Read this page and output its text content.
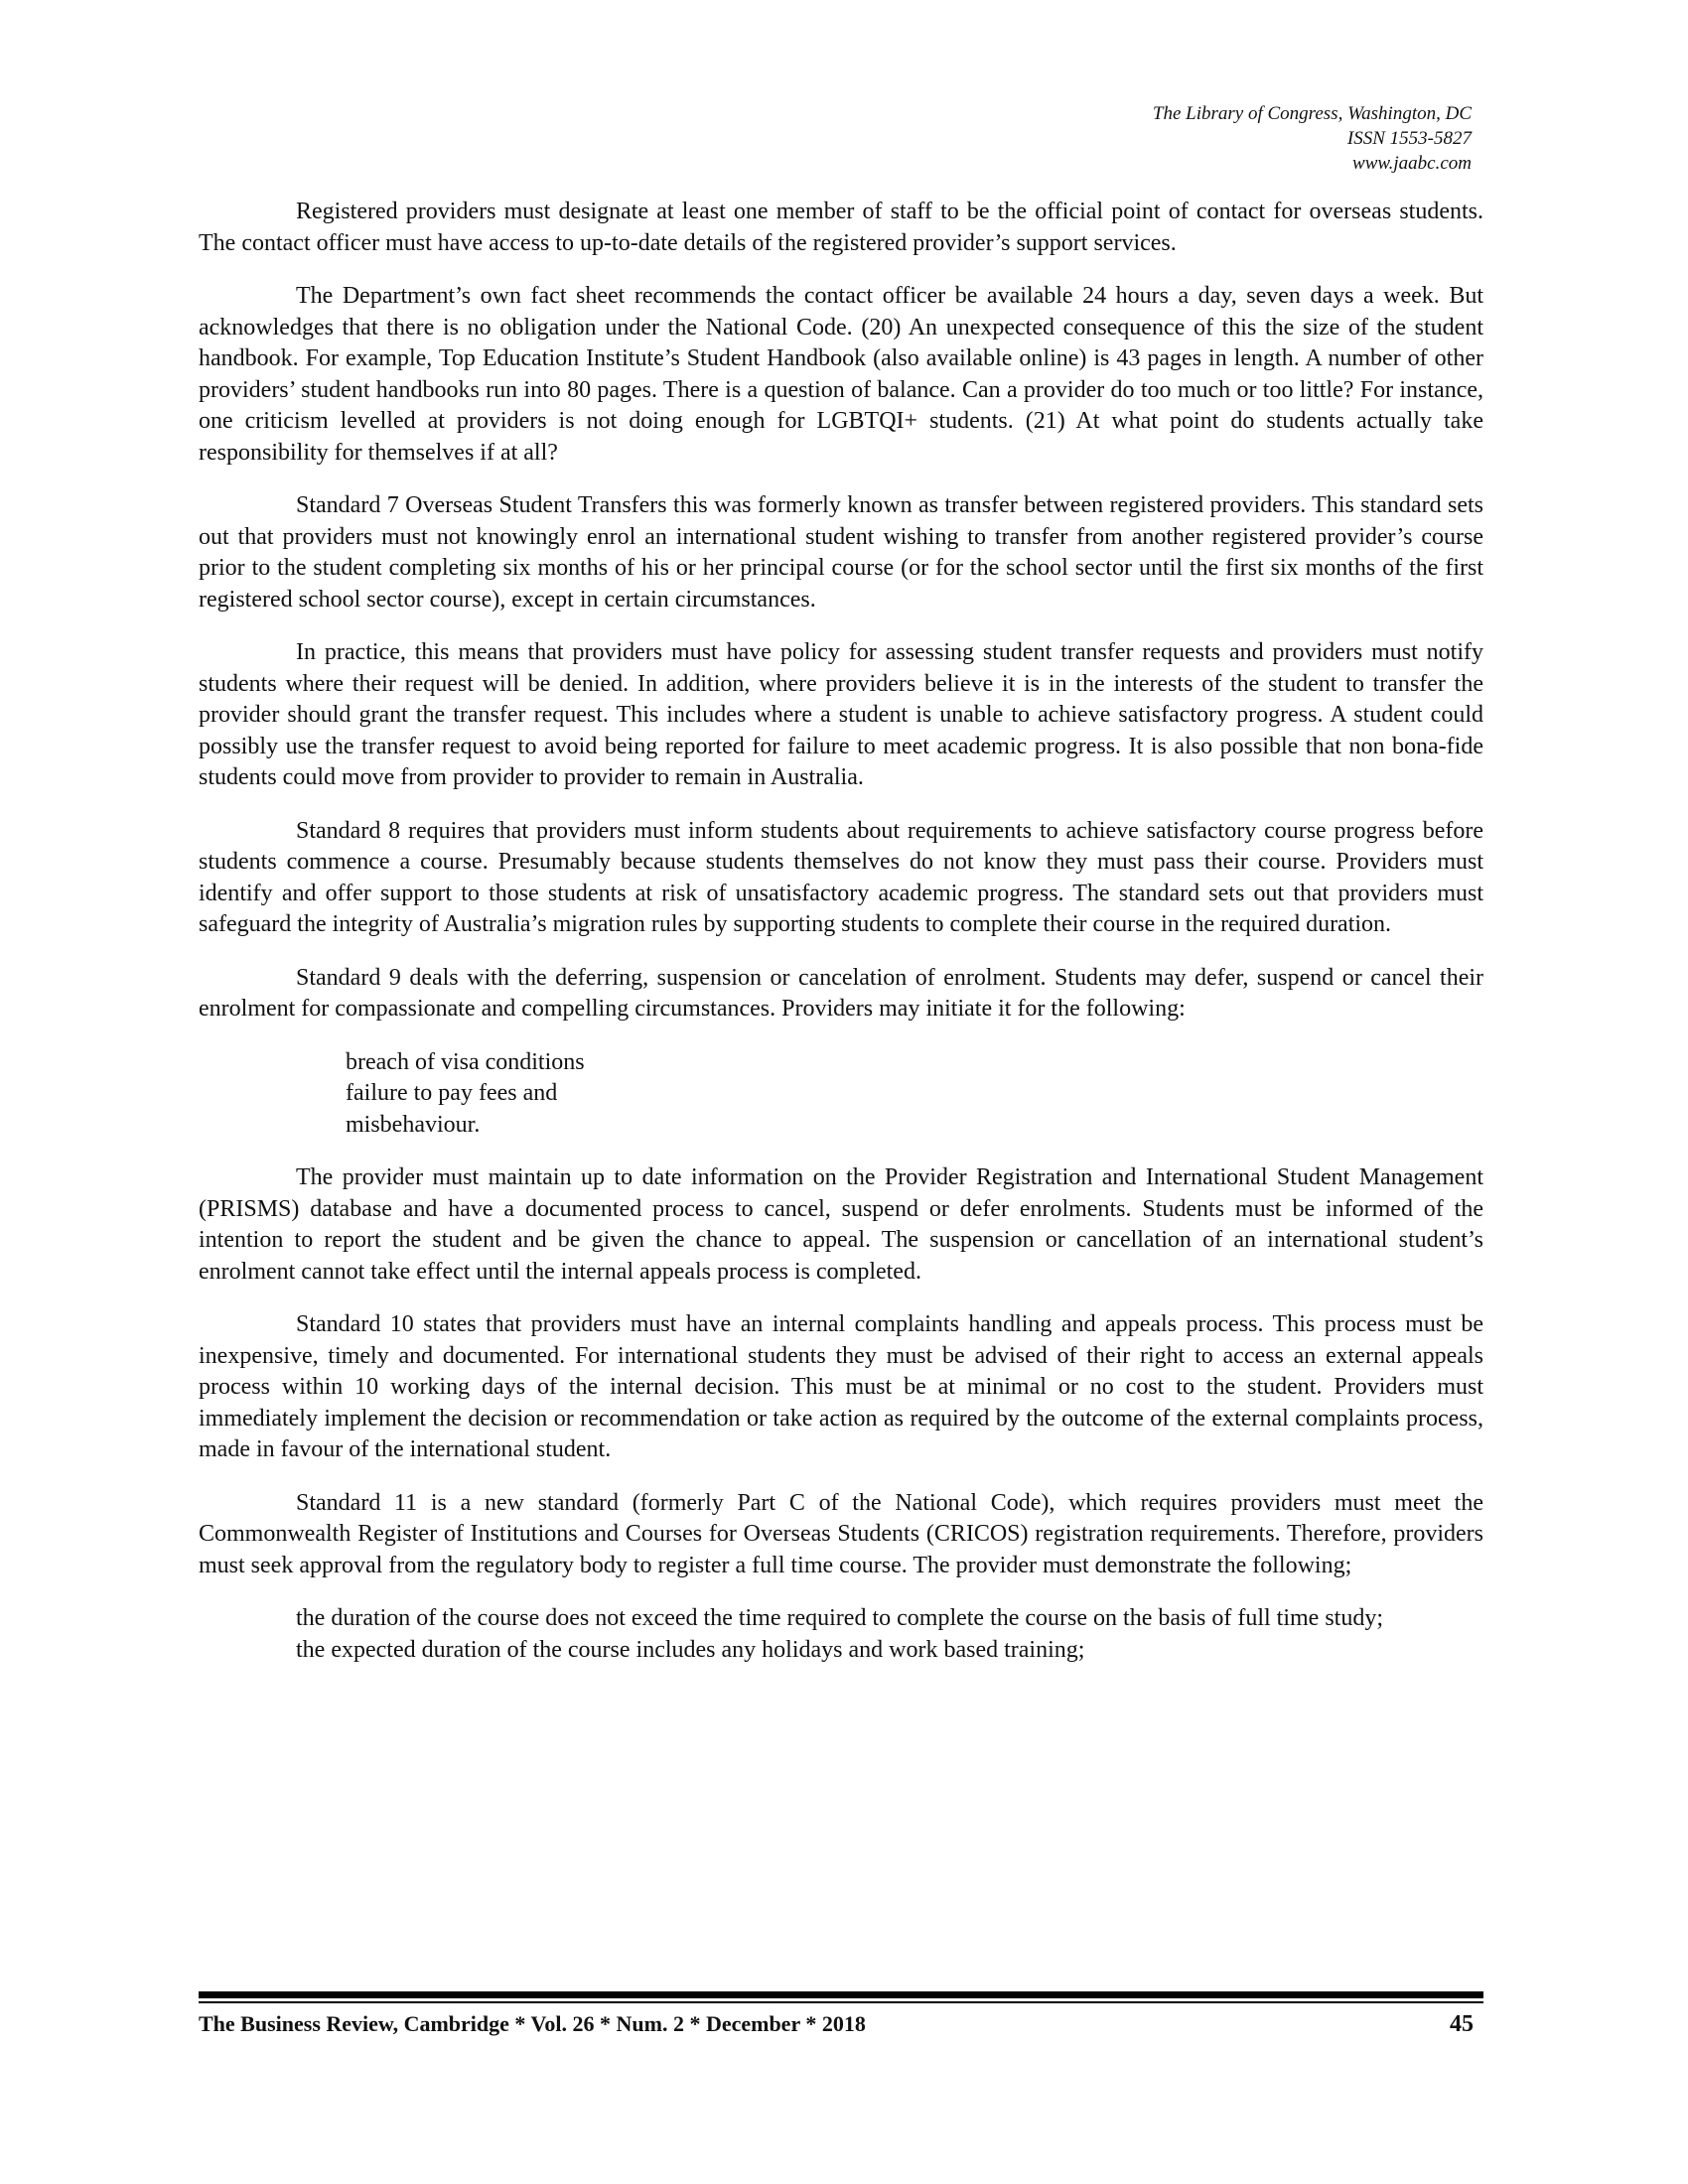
The Library of Congress, Washington, DC
ISSN 1553-5827
www.jaabc.com

Registered providers must designate at least one member of staff to be the official point of contact for overseas students. The contact officer must have access to up-to-date details of the registered provider’s support services.

The Department’s own fact sheet recommends the contact officer be available 24 hours a day, seven days a week. But acknowledges that there is no obligation under the National Code. (20) An unexpected consequence of this the size of the student handbook. For example, Top Education Institute’s Student Handbook (also available online) is 43 pages in length. A number of other providers’ student handbooks run into 80 pages. There is a question of balance. Can a provider do too much or too little? For instance, one criticism levelled at providers is not doing enough for LGBTQI+ students. (21) At what point do students actually take responsibility for themselves if at all?

Standard 7 Overseas Student Transfers this was formerly known as transfer between registered providers. This standard sets out that providers must not knowingly enrol an international student wishing to transfer from another registered provider’s course prior to the student completing six months of his or her principal course (or for the school sector until the first six months of the first registered school sector course), except in certain circumstances.

In practice, this means that providers must have policy for assessing student transfer requests and providers must notify students where their request will be denied. In addition, where providers believe it is in the interests of the student to transfer the provider should grant the transfer request. This includes where a student is unable to achieve satisfactory progress. A student could possibly use the transfer request to avoid being reported for failure to meet academic progress. It is also possible that non bona-fide students could move from provider to provider to remain in Australia.

Standard 8 requires that providers must inform students about requirements to achieve satisfactory course progress before students commence a course. Presumably because students themselves do not know they must pass their course. Providers must identify and offer support to those students at risk of unsatisfactory academic progress. The standard sets out that providers must safeguard the integrity of Australia’s migration rules by supporting students to complete their course in the required duration.

Standard 9 deals with the deferring, suspension or cancelation of enrolment. Students may defer, suspend or cancel their enrolment for compassionate and compelling circumstances. Providers may initiate it for the following:

breach of visa conditions
failure to pay fees and
misbehaviour.

The provider must maintain up to date information on the Provider Registration and International Student Management (PRISMS) database and have a documented process to cancel, suspend or defer enrolments. Students must be informed of the intention to report the student and be given the chance to appeal. The suspension or cancellation of an international student’s enrolment cannot take effect until the internal appeals process is completed.

Standard 10 states that providers must have an internal complaints handling and appeals process. This process must be inexpensive, timely and documented. For international students they must be advised of their right to access an external appeals process within 10 working days of the internal decision. This must be at minimal or no cost to the student. Providers must immediately implement the decision or recommendation or take action as required by the outcome of the external complaints process, made in favour of the international student.

Standard 11 is a new standard (formerly Part C of the National Code), which requires providers must meet the Commonwealth Register of Institutions and Courses for Overseas Students (CRICOS) registration requirements. Therefore, providers must seek approval from the regulatory body to register a full time course. The provider must demonstrate the following;

the duration of the course does not exceed the time required to complete the course on the basis of full time study;
the expected duration of the course includes any holidays and work based training;
The Business Review, Cambridge * Vol. 26 * Num. 2 * December * 2018	45
